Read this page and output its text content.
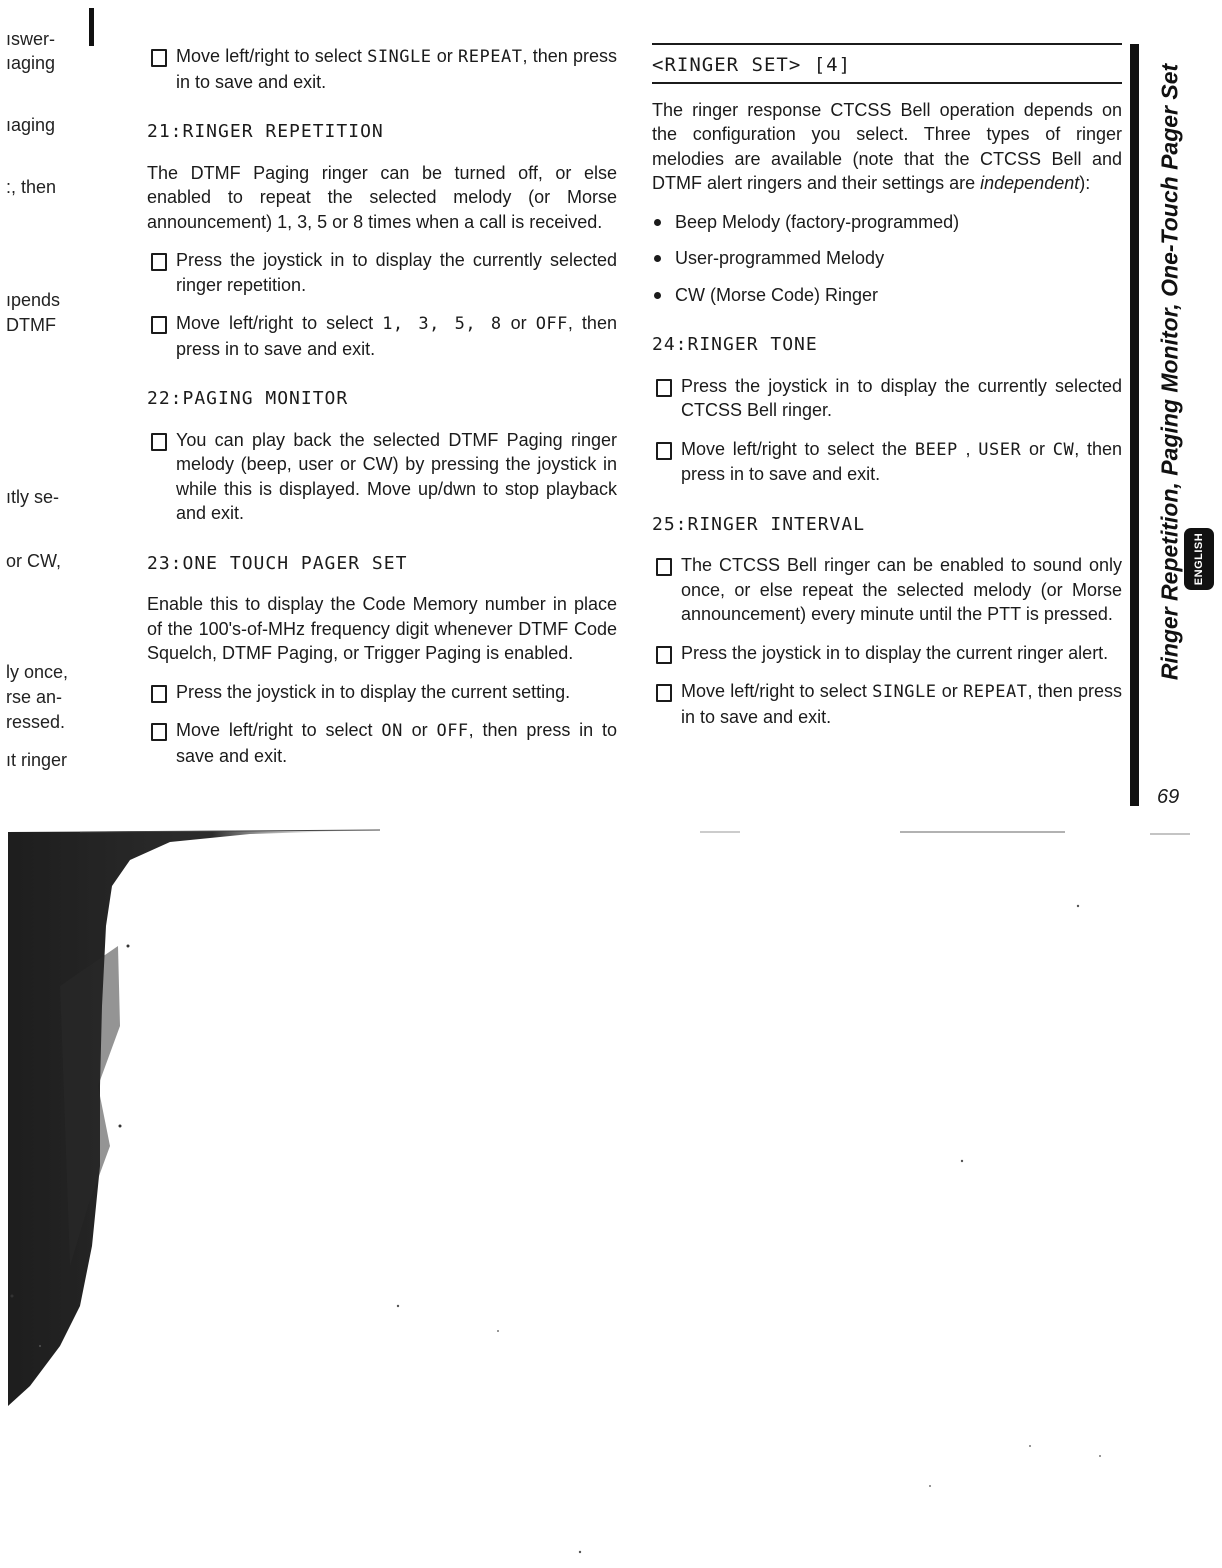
ıswer-
ıaging
ıaging
:, then
ıpends
DTMF
ıtly se-
or CW,
ly once,
rse an-
ressed.
ıt ringer
Move left/right to select SINGLE or REPEAT, then press in to save and exit.
21:RINGER REPETITION

The DTMF Paging ringer can be turned off, or else enabled to repeat the selected melody (or Morse announcement) 1, 3, 5 or 8 times when a call is received.

Press the joystick in to display the currently selected ringer repetition.
Move left/right to select 1, 3, 5, 8 or OFF, then press in to save and exit.
22:PAGING MONITOR
You can play back the selected DTMF Paging ringer melody (beep, user or CW) by pressing the joystick in while this is displayed. Move up/dwn to stop playback and exit.
23:ONE TOUCH PAGER SET

Enable this to display the Code Memory number in place of the 100's-of-MHz frequency digit whenever DTMF Code Squelch, DTMF Paging, or Trigger Paging is enabled.

Press the joystick in to display the current setting.
Move left/right to select ON or OFF, then press in to save and exit.
<RINGER SET> [4]

The ringer response CTCSS Bell operation depends on the configuration you select. Three types of ringer melodies are available (note that the CTCSS Bell and DTMF alert ringers and their settings are independent):

Beep Melody (factory-programmed)
User-programmed Melody
CW (Morse Code) Ringer
24:RINGER TONE
Press the joystick in to display the currently selected CTCSS Bell ringer.
Move left/right to select the BEEP , USER or CW, then press in to save and exit.
25:RINGER INTERVAL
The CTCSS Bell ringer can be enabled to sound only once, or else repeat the selected melody (or Morse announcement) every minute until the PTT is pressed.
Press the joystick in to display the current ringer alert.
Move left/right to select SINGLE or REPEAT, then press in to save and exit.
Ringer Repetition, Paging Monitor, One-Touch Pager Set ENGLISH
69
